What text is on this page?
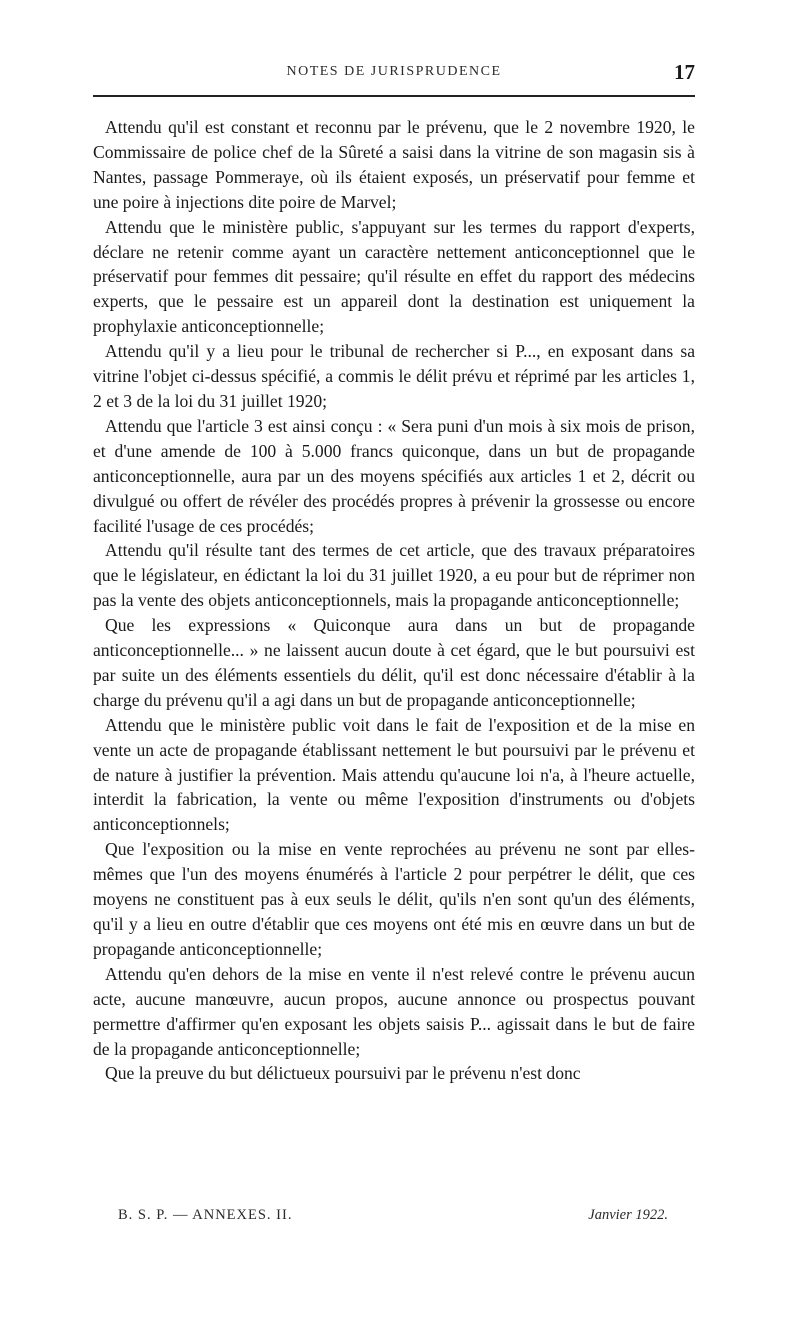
NOTES DE JURISPRUDENCE	17

Attendu qu'il est constant et reconnu par le prévenu, que le 2 novembre 1920, le Commissaire de police chef de la Sûreté a saisi dans la vitrine de son magasin sis à Nantes, passage Pommeraye, où ils étaient exposés, un préservatif pour femme et une poire à injections dite poire de Marvel;

Attendu que le ministère public, s'appuyant sur les termes du rapport d'experts, déclare ne retenir comme ayant un caractère nettement anticonceptionnel que le préservatif pour femmes dit pessaire; qu'il résulte en effet du rapport des médecins experts, que le pessaire est un appareil dont la destination est uniquement la prophylaxie anticonceptionnelle;

Attendu qu'il y a lieu pour le tribunal de rechercher si P..., en exposant dans sa vitrine l'objet ci-dessus spécifié, a commis le délit prévu et réprimé par les articles 1, 2 et 3 de la loi du 31 juillet 1920;

Attendu que l'article 3 est ainsi conçu : « Sera puni d'un mois à six mois de prison, et d'une amende de 100 à 5.000 francs quiconque, dans un but de propagande anticonceptionnelle, aura par un des moyens spécifiés aux articles 1 et 2, décrit ou divulgué ou offert de révéler des procédés propres à prévenir la grossesse ou encore facilité l'usage de ces procédés;

Attendu qu'il résulte tant des termes de cet article, que des travaux préparatoires que le législateur, en édictant la loi du 31 juillet 1920, a eu pour but de réprimer non pas la vente des objets anticonceptionnels, mais la propagande anticonceptionnelle;

Que les expressions « Quiconque aura dans un but de propagande anticonceptionnelle... » ne laissent aucun doute à cet égard, que le but poursuivi est par suite un des éléments essentiels du délit, qu'il est donc nécessaire d'établir à la charge du prévenu qu'il a agi dans un but de propagande anticonceptionnelle;

Attendu que le ministère public voit dans le fait de l'exposition et de la mise en vente un acte de propagande établissant nettement le but poursuivi par le prévenu et de nature à justifier la prévention. Mais attendu qu'aucune loi n'a, à l'heure actuelle, interdit la fabrication, la vente ou même l'exposition d'instruments ou d'objets anticonceptionnels;

Que l'exposition ou la mise en vente reprochées au prévenu ne sont par elles-mêmes que l'un des moyens énumérés à l'article 2 pour perpétrer le délit, que ces moyens ne constituent pas à eux seuls le délit, qu'ils n'en sont qu'un des éléments, qu'il y a lieu en outre d'établir que ces moyens ont été mis en œuvre dans un but de propagande anticonceptionnelle;

Attendu qu'en dehors de la mise en vente il n'est relevé contre le prévenu aucun acte, aucune manœuvre, aucun propos, aucune annonce ou prospectus pouvant permettre d'affirmer qu'en exposant les objets saisis P... agissait dans le but de faire de la propagande anticonceptionnelle;

Que la preuve du but délictueux poursuivi par le prévenu n'est donc

B. S. P. — ANNEXES. II.	Janvier 1922.
